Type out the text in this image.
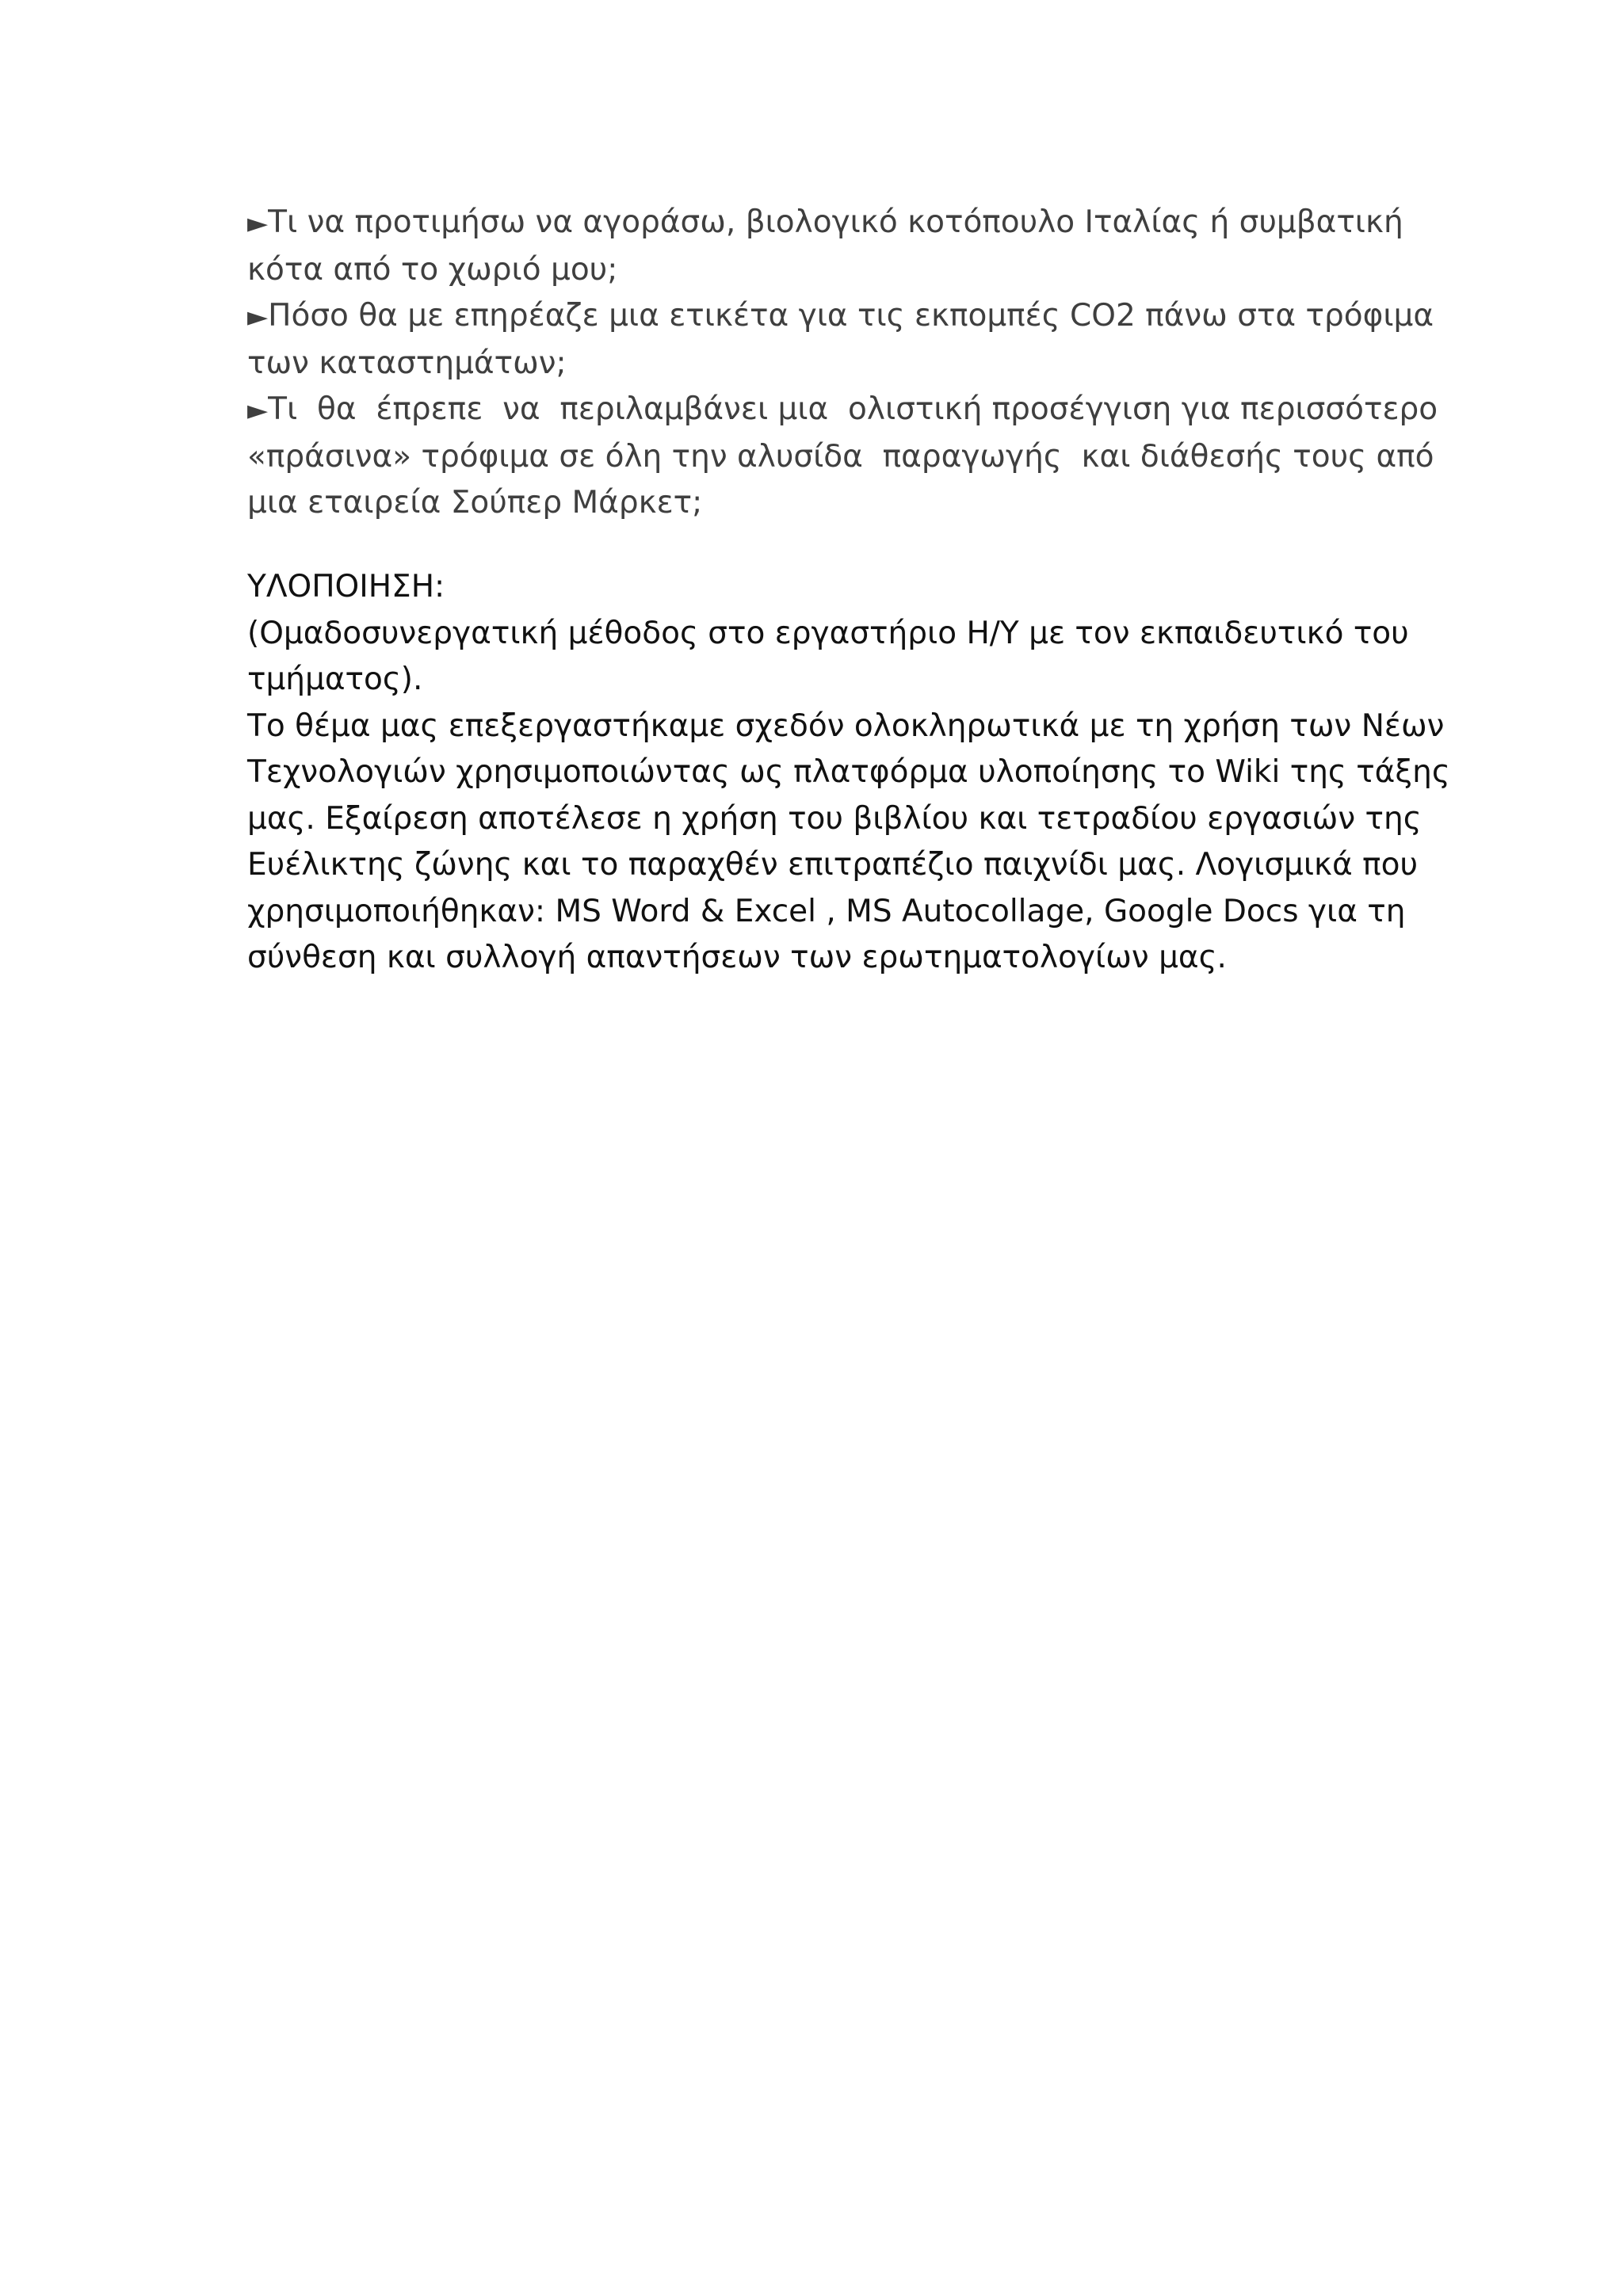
►Τι να προτιμήσω να αγοράσω, βιολογικό κοτόπουλο Ιταλίας ή συμβατική
κότα από το χωριό μου;

►Πόσο θα με επηρέαζε μια ετικέτα για τις εκπομπές CO2 πάνω στα τρόφιμα
των καταστημάτων;

►Τι  θα  έπρεπε  να  περιλαμβάνει μια  ολιστική προσέγγιση για περισσότερο
«πράσινα» τρόφιμα σε όλη την αλυσίδα  παραγωγής  και διάθεσής τους από
μια εταιρεία Σούπερ Μάρκετ;

ΥΛΟΠΟΙΗΣΗ:
(Ομαδοσυνεργατική μέθοδος στο εργαστήριο Η/Υ με τον εκπαιδευτικό του
τμήματος).
Το θέμα μας επεξεργαστήκαμε σχεδόν ολοκληρωτικά με τη χρήση των Νέων
Τεχνολογιών χρησιμοποιώντας ως πλατφόρμα υλοποίησης το Wiki της τάξης
μας. Εξαίρεση αποτέλεσε η χρήση του βιβλίου και τετραδίου εργασιών της
Ευέλικτης ζώνης και το παραχθέν επιτραπέζιο παιχνίδι μας. Λογισμικά που
χρησιμοποιήθηκαν: MS Word & Excel , MS Autocollage, Google Docs για τη
σύνθεση και συλλογή απαντήσεων των ερωτηματολογίων μας.
